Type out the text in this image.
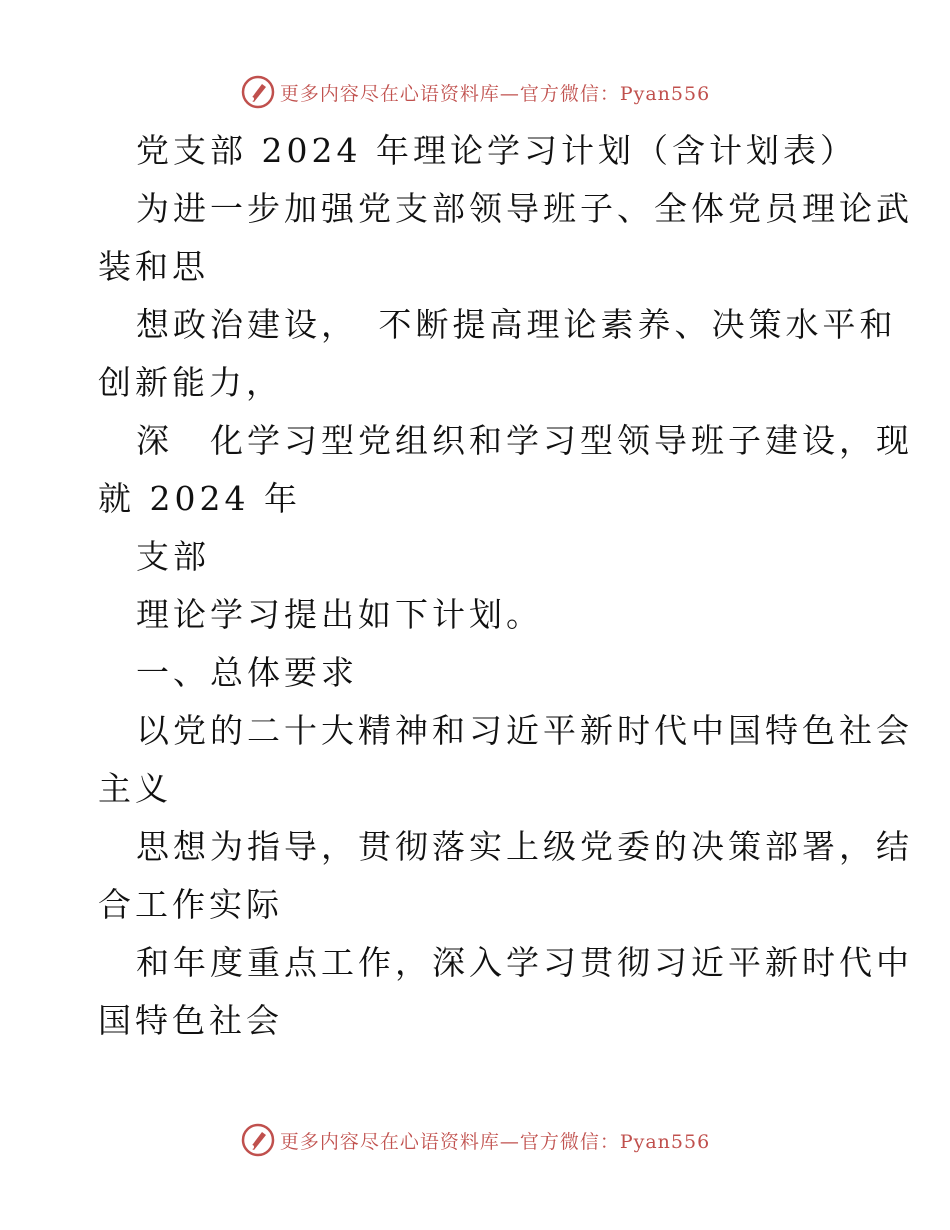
更多内容尽在心语资料库—官方微信：Pyan556
党支部 2024 年理论学习计划（含计划表）
为进一步加强党支部领导班子、全体党员理论武
装和思
想政治建设，　不断提高理论素养、决策水平和
创新能力，
深　化学习型党组织和学习型领导班子建设，现
就 2024 年
支部
理论学习提出如下计划。
一、总体要求
以党的二十大精神和习近平新时代中国特色社会
主义
思想为指导，贯彻落实上级党委的决策部署，结
合工作实际
和年度重点工作，深入学习贯彻习近平新时代中
国特色社会
更多内容尽在心语资料库—官方微信：Pyan556
